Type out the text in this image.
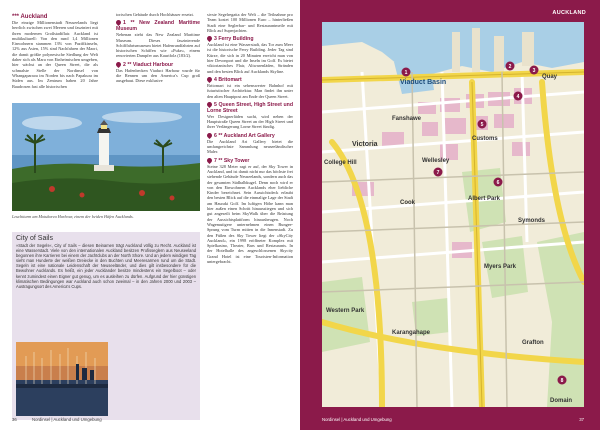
*** Auckland
Die einzige Millionenstadt Neuseelands liegt herrlich zwischen zwei Meeren und fasziniert mit ihren modernen Großstadtflair. Auckland ist multikulturell: Von den rund 1,4 Millionen Einwohnern stammen 13% von Pazifikinseln, 12% aus Asien, 15% sind Nachfahren der Maori, die damit größte polynesische Siedlung der Welt daher sich als Mara von Einheimischen umgeben, hier wächst an der Queen Street, die als schmalste Stelle der Nordinsel von Whangaparaoa im Norden bis nach Papakura im Süden aus. Im Zentrum haben 20 Jahre Baudrosen fast alle historischen
torischen Gebäude durch Hochhäuser ersetzt.
1 ** New Zealand Maritime Museum
Nebenan zieht das New Zealand Maritime Museum. Dieses faszinierende Schifffahrtsmuseum bietet Hafenrundfahrten auf historischen Schiffen wie »Puke«, einem renovierten Dampfer aus Kaurifolz (183/2).
2 ** Viaduct Harbour
Das Hafenbecken Viaduct Harbour wurde für die Rennen um den America's Cup groß ausgebaut. Diese exklusive
sivste Segelregatta der Welt – die Teilnahme pro Team kostet 100 Millionen Euro – hinterließen Stadt eine Seglerbar- und Restaurantmeile mit Blick auf Superjachten.
3 Ferry Building
Auckland ist eine Wasserstadt, das Tor zum Meer ist die historische Ferry Building. Jeder Tag sind Kürze, die sich in 20 Minuten erreicht man von hier Devonport und die Inseln im Golf. Es bietet viktorianisches Flair, Altwarenläden, Stränden und den besten Blick auf Aucklands Skyline.
4 Britomart
Britomart ist ein sehenswerter Bahnhof mit futuristischer Architektur. Man findet ihn unter den alten Hauptpost am Ende der Queen Street.
5 Queen Street, High Street und Lorne Street
Wer Designerläden sucht, wird neben der Hauptstraße Queen Street an der High Street und ihrer Verlängerung Lorne Street fündig.
6 ** Auckland Art Gallery
Die Auckland Art Gallery bietet die umfangreichste Sammlung neuseeländischer Maler.
7 ** Sky Tower
Steine 328 Meter ragt er auf, der Sky Tower in Auckland, und ist damit nicht nur das höchste frei stehende Gebäude Neuseelands, sondern auch das der gesamten Südhalbkugel. Denn noch wird er von den Einwohnern Aucklands eher liebliche Kinder bezeichnet. Sein Aussichtsdeck erlaubt den besten Blick auf die einmalige Lage der Stadt am Hauraki Golf. Im luftigen Höhe kann man hier außen einen Schritt hinausstiegen und sich gut angeseilt beim SkyWalk über die Brüstung der Aussichtsplattform hinausbeugen. Noch Wagemutigere unternehmen einen Bungee-Sprung vom Turm mitten in die Innenstadt. Zu den Füßen des Sky Tower liegt der »SkyCity Auckland«, ein 1998 eröffneter Komplex mit Spielkasino, Theater, Bars und Restaurants. In der Hotelhalle des angeschlossenen Skycity Grand Hotel ist eine Touristen-Information untergebracht.
Leuchtturm am Motukorea Harbour, einem der beiden Häfen Aucklands.
City of Sails
»Stadt der Segels«, City of Sails – diesen Beinamen trägt Auckland völlig zu Recht. Auckland ist eine Wasserstadt. Viele von den internationalen Auckland besitzen Profisseglern aus Neuseeland begonnen ihre Karrieren bei einem der Jachtclubs an der North Shore. Und an jedem windigen Tag sieht man Hunderte der weißen Dreiecke in den Buchten und Meeresarmen rund um die Stadt. Segeln ist eine nationale Leidenschaft der Neuseeländer, und dies gilt insbesondere für die Bewohner Aucklands. Es heißt, ein jeder Aucklander besitze mindestens ein Segelboot – oder kennt zumindest einen Eigner gut genug, um es ausleihen zu dürfen. Aufgrund der hier günstigen klimatischen Bedingungen war Auckland auch schon zweimal – in den Jahren 2000 und 2003 – Austragungsort des America's Cups.
36	Nordinsel | Auckland und Umgebung
AUCKLAND
Viaduct Basin
Fanshawe
Victoria
College Hill	Wellesley
Cook
Albert Park
Myers Park
Western Park
Grafton
Domain
Karangahape
Quay
Customs
Symonds
1
2
3
4
5
6
7
8
Nordinsel | Auckland und Umgebung	37
